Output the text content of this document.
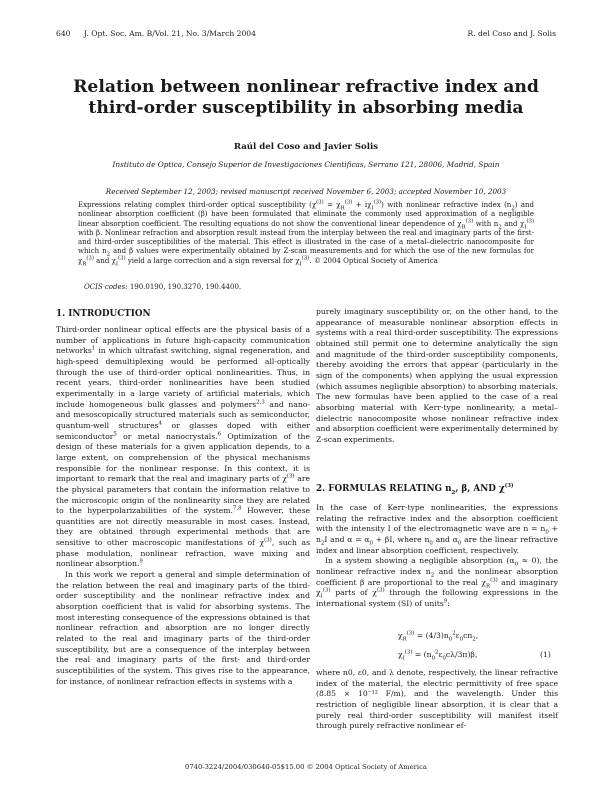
640 J. Opt. Soc. Am. B/Vol. 21, No. 3/March 2004	R. del Coso and J. Solis
Relation between nonlinear refractive index and third-order susceptibility in absorbing media
Raúl del Coso and Javier Solis
Instituto de Optica, Consejo Superior de Investigaciones Cientificas, Serrano 121, 28006, Madrid, Spain
Received September 12, 2003; revised manuscript received November 6, 2003; accepted November 10, 2003
Expressions relating complex third-order optical susceptibility $(\chi^{(3)} = \chi_R^{(3)} + i\chi_I^{(3)})$ with nonlinear refractive index $(n_2)$ and nonlinear absorption coefficient (β) have been formulated that eliminate the commonly used approximation of a negligible linear absorption coefficient. The resulting equations do not show the conventional linear dependence of $\chi_R^{(3)}$ with $n_2$ and $\chi_I^{(3)}$ with β. Nonlinear refraction and absorption result instead from the interplay between the real and imaginary parts of the first- and third-order susceptibilities of the material. This effect is illustrated in the case of a metal–dielectric nanocomposite for which $n_2$ and β values were experimentally obtained by Z-scan measurements and for which the use of the new formulas for $\chi_R^{(3)}$ and $\chi_I^{(3)}$ yield a large correction and a sign reversal for $\chi_I^{(3)}$. © 2004 Optical Society of America
OCIS codes: 190.0190, 190.3270, 190.4400.
1. INTRODUCTION

Third-order nonlinear optical effects are the physical basis of a number of applications in future high-capacity communication networks$^1$ in which ultrafast switching, signal regeneration, and high-speed demultiplexing would be performed all-optically through the use of third-order optical nonlinearities. Thus, in recent years, third-order nonlinearities have been studied experimentally in a large variety of artificial materials, which include homogeneous bulk glasses and polymers$^{2,3}$ and nano- and mesoscopically structured materials such as semiconductor, quantum-well structures$^4$ or glasses doped with either semiconductor$^5$ or metal nanocrystals.$^6$ Optimization of the design of these materials for a given application depends, to a large extent, on comprehension of the physical mechanisms responsible for the nonlinear response. In this context, it is important to remark that the real and imaginary parts of $\chi^{(3)}$ are the physical parameters that contain the information relative to the microscopic origin of the nonlinearity since they are related to the hyperpolarizabilities of the system.$^{7,8}$ However, these quantities are not directly measurable in most cases. Instead, they are obtained through experimental methods that are sensitive to other macroscopic manifestations of $\chi^{(3)}$, such as phase modulation, nonlinear refraction, wave mixing and nonlinear absorption.$^9$

In this work we report a general and simple determination of the relation between the real and imaginary parts of the third-order susceptibility and the nonlinear refractive index and absorption coefficient that is valid for absorbing systems. The most interesting consequence of the expressions obtained is that nonlinear refraction and absorption are no longer directly related to the real and imaginary parts of the third-order susceptibility, but are a consequence of the interplay between the real and imaginary parts of the first- and third-order susceptibilities of the system. This gives rise to the appearance, for instance, of nonlinear refraction effects in systems with a

purely imaginary susceptibility or, on the other hand, to the appearance of measurable nonlinear absorption effects in systems with a real third-order susceptibility. The expressions obtained still permit one to determine analytically the sign and magnitude of the third-order susceptibility components, thereby avoiding the errors that appear (particularly in the sign of the components) when applying the usual expression (which assumes negligible absorption) to absorbing materials. The new formulas have been applied to the case of a real absorbing material with Kerr-type nonlinearity, a metal–dielectric nanocomposite whose nonlinear refractive index and absorption coefficient were experimentally determined by Z-scan experiments.

2. FORMULAS RELATING $n_2$, β, AND $\chi^{(3)}$

In the case of Kerr-type nonlinearities, the expressions relating the refractive index and the absorption coefficient with the intensity I of the electromagnetic wave are $n = n_0 + n_2I$ and $\alpha = \alpha_0 + \beta I$, where $n_0$ and $\alpha_0$ are the linear refractive index and linear absorption coefficient, respectively.

In a system showing a negligible absorption $(\alpha_0 \approx 0)$, the nonlinear refractive index $n_2$ and the nonlinear absorption coefficient β are proportional to the real $\chi_R^{(3)}$ and imaginary $\chi_I^{(3)}$ parts of $\chi^{(3)}$ through the following expressions in the international system (SI) of units$^9$:

$\chi_R^{(3)} = (4/3)n_0^2\varepsilon_0cn_2$,
$\chi_I^{(3)} = (n_0^2\varepsilon_0c\lambda/3\pi)\beta$,	(1)
where n0, ε0, and λ denote, respectively, the linear refractive index of the material, the electric permittivity of free space (8.85 × 10⁻¹² F/m), and the wavelength. Under this restriction of negligible linear absorption, it is clear that a purely real third-order susceptibility will manifest itself through purely refractive nonlinear ef-
0740-3224/2004/030640-05$15.00 © 2004 Optical Society of America
